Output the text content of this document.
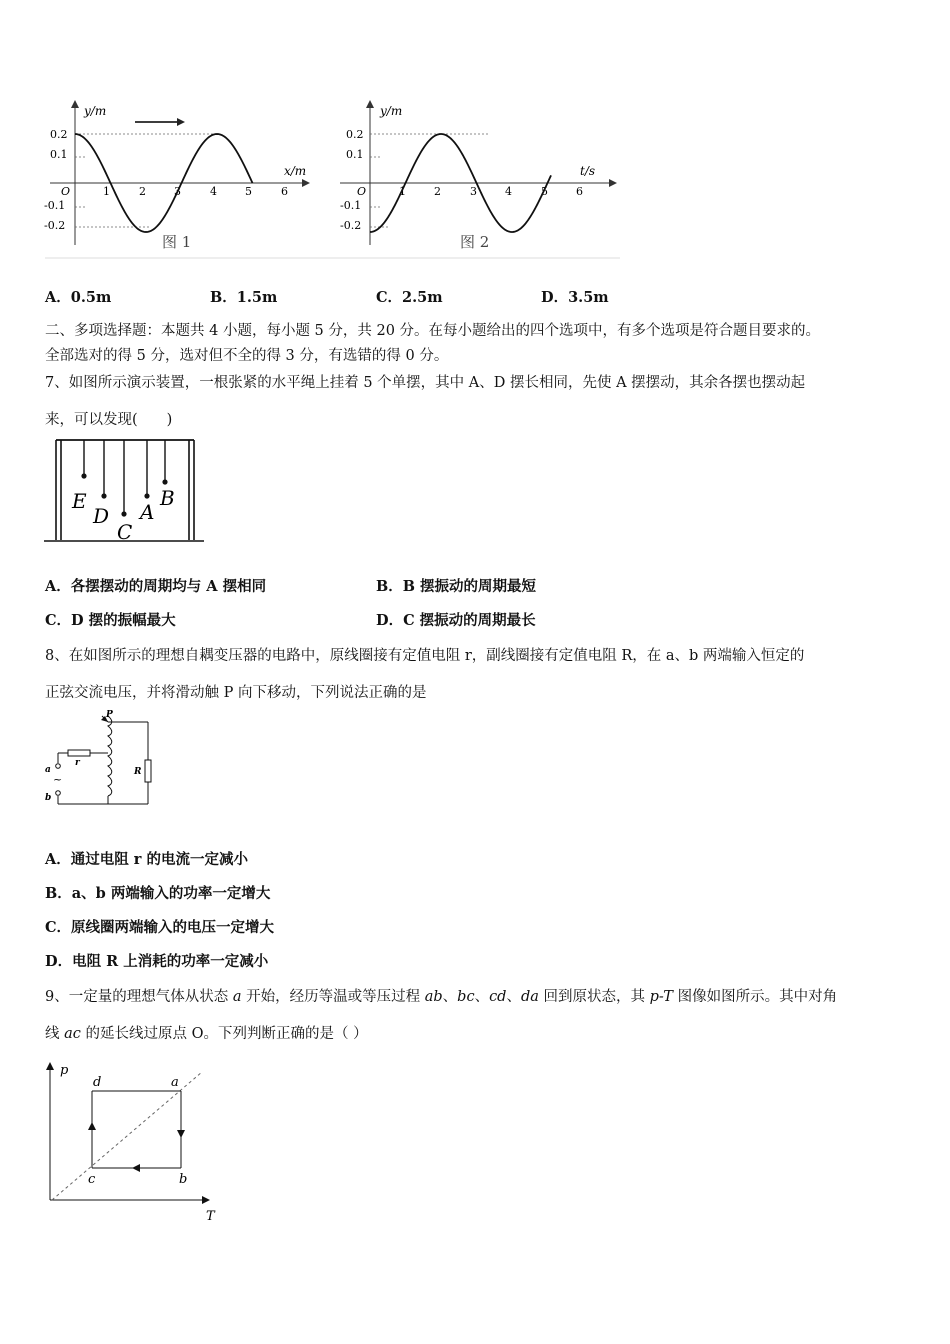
y/m
x/m
0.2
0.1
-0.1
-0.2
O	1	2	3	4	5	6
图 1
y/m
t/s
0.2
0.1
-0.1
-0.2
O	1	2	3	4	5	6
图 2
A．0.5m	B．1.5m	C．2.5m	D．3.5m
二、多项选择题：本题共 4 小题，每小题 5 分，共 20 分。在每小题给出的四个选项中，有多个选项是符合题目要求的。
全部选对的得 5 分，选对但不全的得 3 分，有选错的得 0 分。
7、如图所示演示装置，一根张紧的水平绳上挂着 5 个单摆，其中 A、D 摆长相同，先使 A 摆摆动，其余各摆也摆动起
来，可以发现(　　)
E
D
C
A
B
A．各摆摆动的周期均与 A 摆相同	B．B 摆振动的周期最短
C．D 摆的振幅最大	D．C 摆振动的周期最长
8、在如图所示的理想自耦变压器的电路中，原线圈接有定值电阻 r，副线圈接有定值电阻 R，在 a、b 两端输入恒定的
正弦交流电压，并将滑动触 P 向下移动，下列说法正确的是
P
r
R
a
b
~
A．通过电阻 r 的电流一定减小
B．a、b 两端输入的功率一定增大
C．原线圈两端输入的电压一定增大
D．电阻 R 上消耗的功率一定减小
9、一定量的理想气体从状态 a 开始，经历等温或等压过程 ab、bc、cd、da 回到原状态，其 p-T 图像如图所示。其中对角
线 ac 的延长线过原点 O。下列判断正确的是（ ）
p
T
d	a
c	b
